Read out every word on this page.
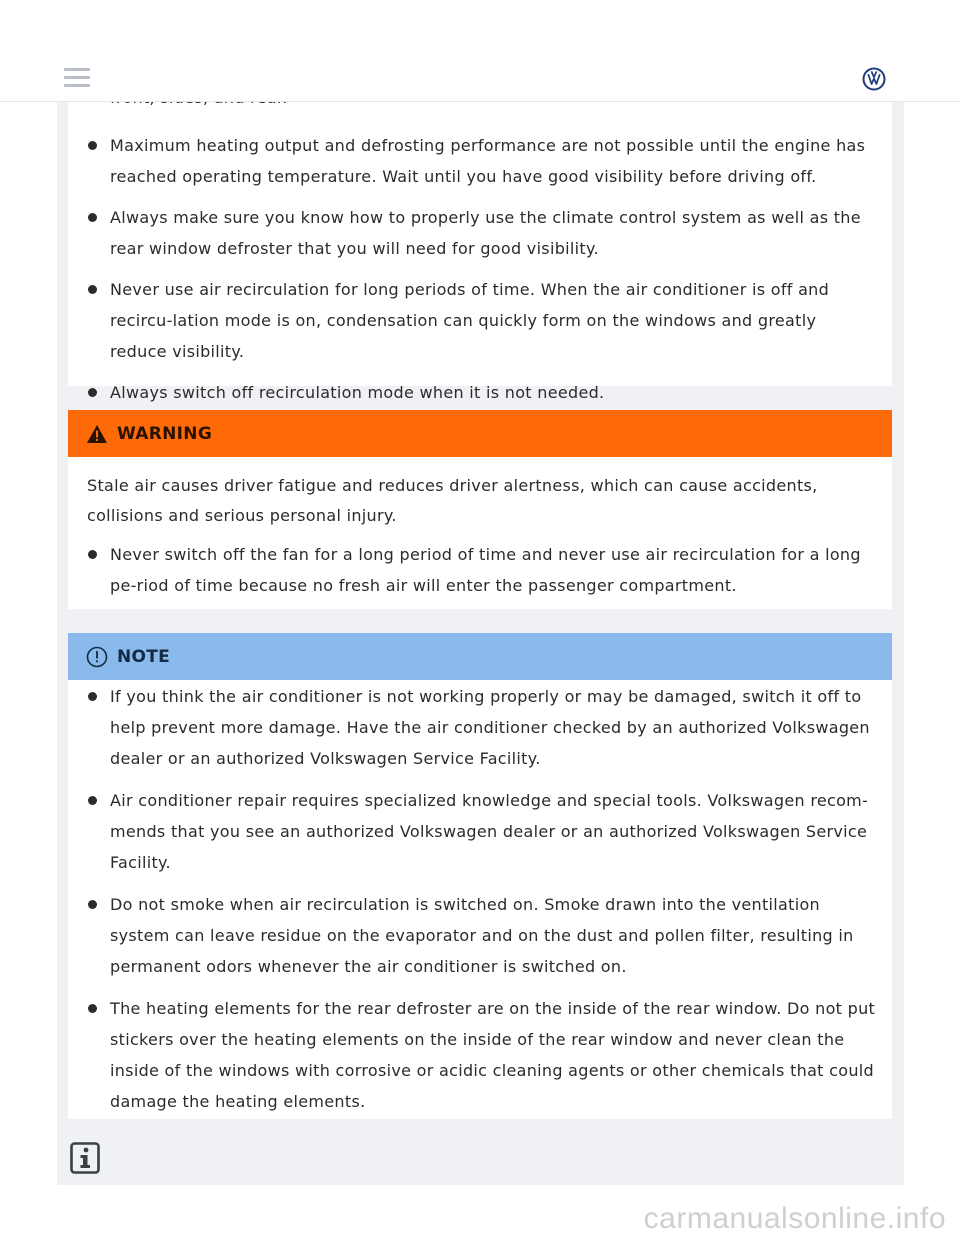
Maximum heating output and defrosting performance are not possible until the engine has reached operating temperature. Wait until you have good visibility before driving off.
Always make sure you know how to properly use the climate control system as well as the rear window defroster that you will need for good visibility.
Never use air recirculation for long periods of time. When the air conditioner is off and recircu-lation mode is on, condensation can quickly form on the windows and greatly reduce visibility.
Always switch off recirculation mode when it is not needed.
WARNING
Stale air causes driver fatigue and reduces driver alertness, which can cause accidents, collisions and serious personal injury.
Never switch off the fan for a long period of time and never use air recirculation for a long pe-riod of time because no fresh air will enter the passenger compartment.
NOTE
If you think the air conditioner is not working properly or may be damaged, switch it off to help prevent more damage. Have the air conditioner checked by an authorized Volkswagen dealer or an authorized Volkswagen Service Facility.
Air conditioner repair requires specialized knowledge and special tools. Volkswagen recom-mends that you see an authorized Volkswagen dealer or an authorized Volkswagen Service Facility.
Do not smoke when air recirculation is switched on. Smoke drawn into the ventilation system can leave residue on the evaporator and on the dust and pollen filter, resulting in permanent odors whenever the air conditioner is switched on.
The heating elements for the rear defroster are on the inside of the rear window. Do not put stickers over the heating elements on the inside of the rear window and never clean the inside of the windows with corrosive or acidic cleaning agents or other chemicals that could damage the heating elements.
carmanualsonline.info
